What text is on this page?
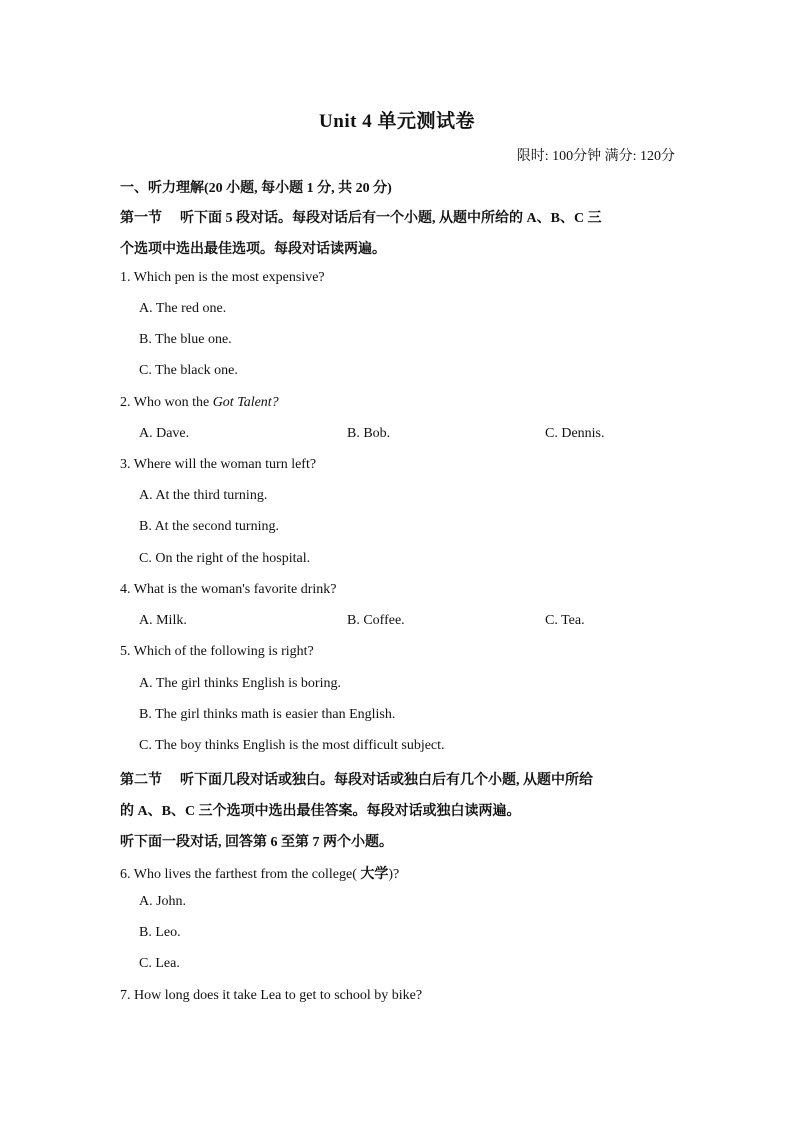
Unit 4 单元测试卷
限时: 100分钟 满分: 120分
一、听力理解(20 小题, 每小题 1 分, 共 20 分)
第一节 听下面 5 段对话。每段对话后有一个小题, 从题中所给的 A、B、C 三
个选项中选出最佳选项。每段对话读两遍。
1. Which pen is the most expensive?
A. The red one.
B. The blue one.
C. The black one.
2. Who won the Got Talent?
A. Dave.	B. Bob.	C. Dennis.
3. Where will the woman turn left?
A. At the third turning.
B. At the second turning.
C. On the right of the hospital.
4. What is the woman's favorite drink?
A. Milk.	B. Coffee.	C. Tea.
5. Which of the following is right?
A. The girl thinks English is boring.
B. The girl thinks math is easier than English.
C. The boy thinks English is the most difficult subject.
第二节 听下面几段对话或独白。每段对话或独白后有几个小题, 从题中所给
的 A、B、C 三个选项中选出最佳答案。每段对话或独白读两遍。
听下面一段对话, 回答第 6 至第 7 两个小题。
6. Who lives the farthest from the college( 大学)?
A. John.
B. Leo.
C. Lea.
7. How long does it take Lea to get to school by bike?
